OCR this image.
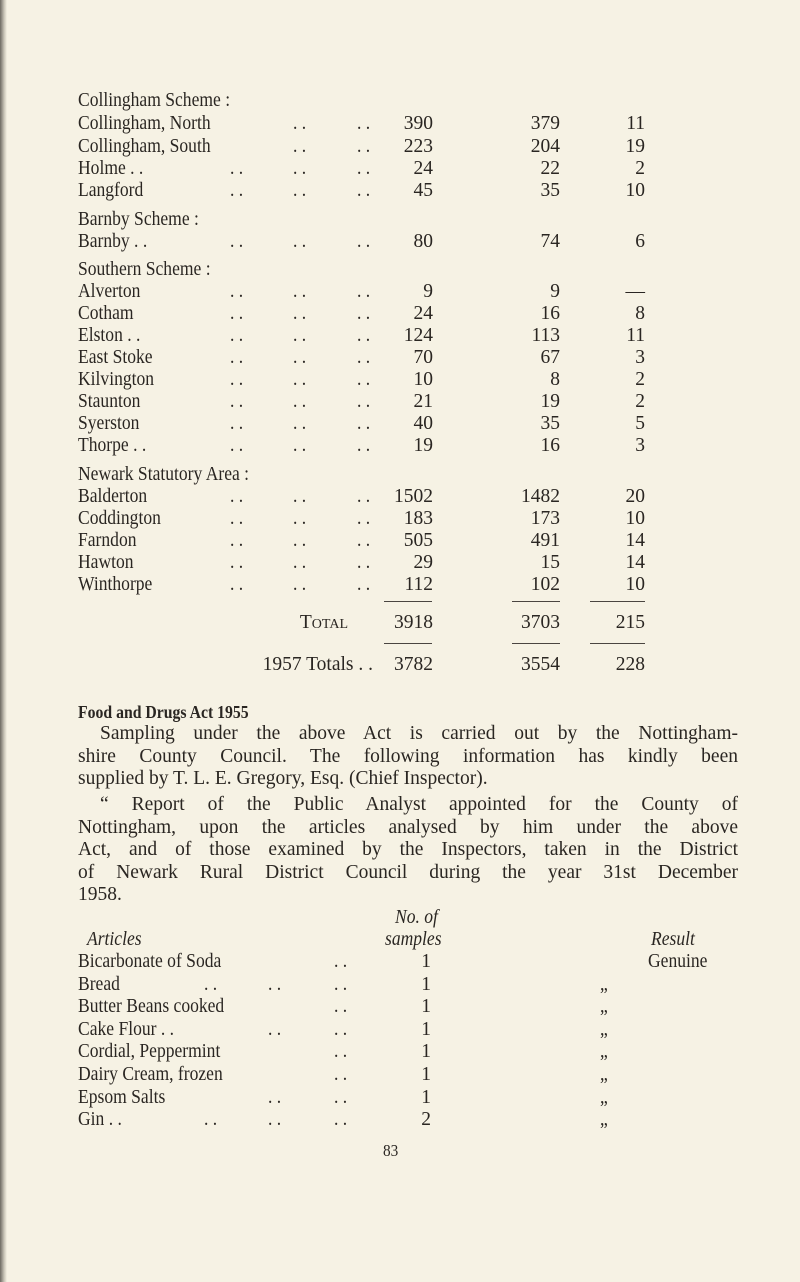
Collingham Scheme :
Collingham, North	. .	. . 390	379	11
Collingham, South	. .	. . 223	204	19
Holme . .	. .	. .	. . 24	22	2
Langford	. .	. .	. . 45	35	10
Barnby Scheme :
Barnby . .	. .	. .	. . 80	74	6
Southern Scheme :
Alverton	. .	. .	. .	9	9	—
Cotham	. .	. .	. . 24	16	8
Elston . .	. .	. .	. . 124	113	11
East Stoke	. .	. .	. . 70	67	3
Kilvington	. .	. .	. . 10	8	2
Staunton	. .	. .	. . 21	19	2
Syerston	. .	. .	. . 40	35	5
Thorpe . .	. .	. .	. . 19	16	3
Newark Statutory Area :
Balderton	. .	. .	. . 1502	1482	20
Coddington	. .	. .	. . 183	173	10
Farndon	. .	. .	. . 505	491	14
Hawton	. .	. .	. . 29	15	14
Winthorpe	. .	. .	. . 112	102	10
Total 3918	3703	215
1957 Totals . . 3782	3554	228
Food and Drugs Act 1955
Sampling under the above Act is carried out by the Nottingham-
shire County Council. The following information has kindly been
supplied by T. L. E. Gregory, Esq. (Chief Inspector).
“ Report of the Public Analyst appointed for the County of
Nottingham, upon the articles analysed by him under the above
Act, and of those examined by the Inspectors, taken in the District
of Newark Rural District Council during the year 31st December
1958.
No. of
Articles	samples	Result
Bicarbonate of Soda	. .	1	Genuine
Bread	. .	. .	. .	1	„
Butter Beans cooked	. .	1	„
Cake Flour . .	. .	. .	1	„
Cordial, Peppermint	. .	1	„
Dairy Cream, frozen	. .	1	„
Epsom Salts	. .	. .	1	„
Gin . .	. .	. .	. .	2	„
83
